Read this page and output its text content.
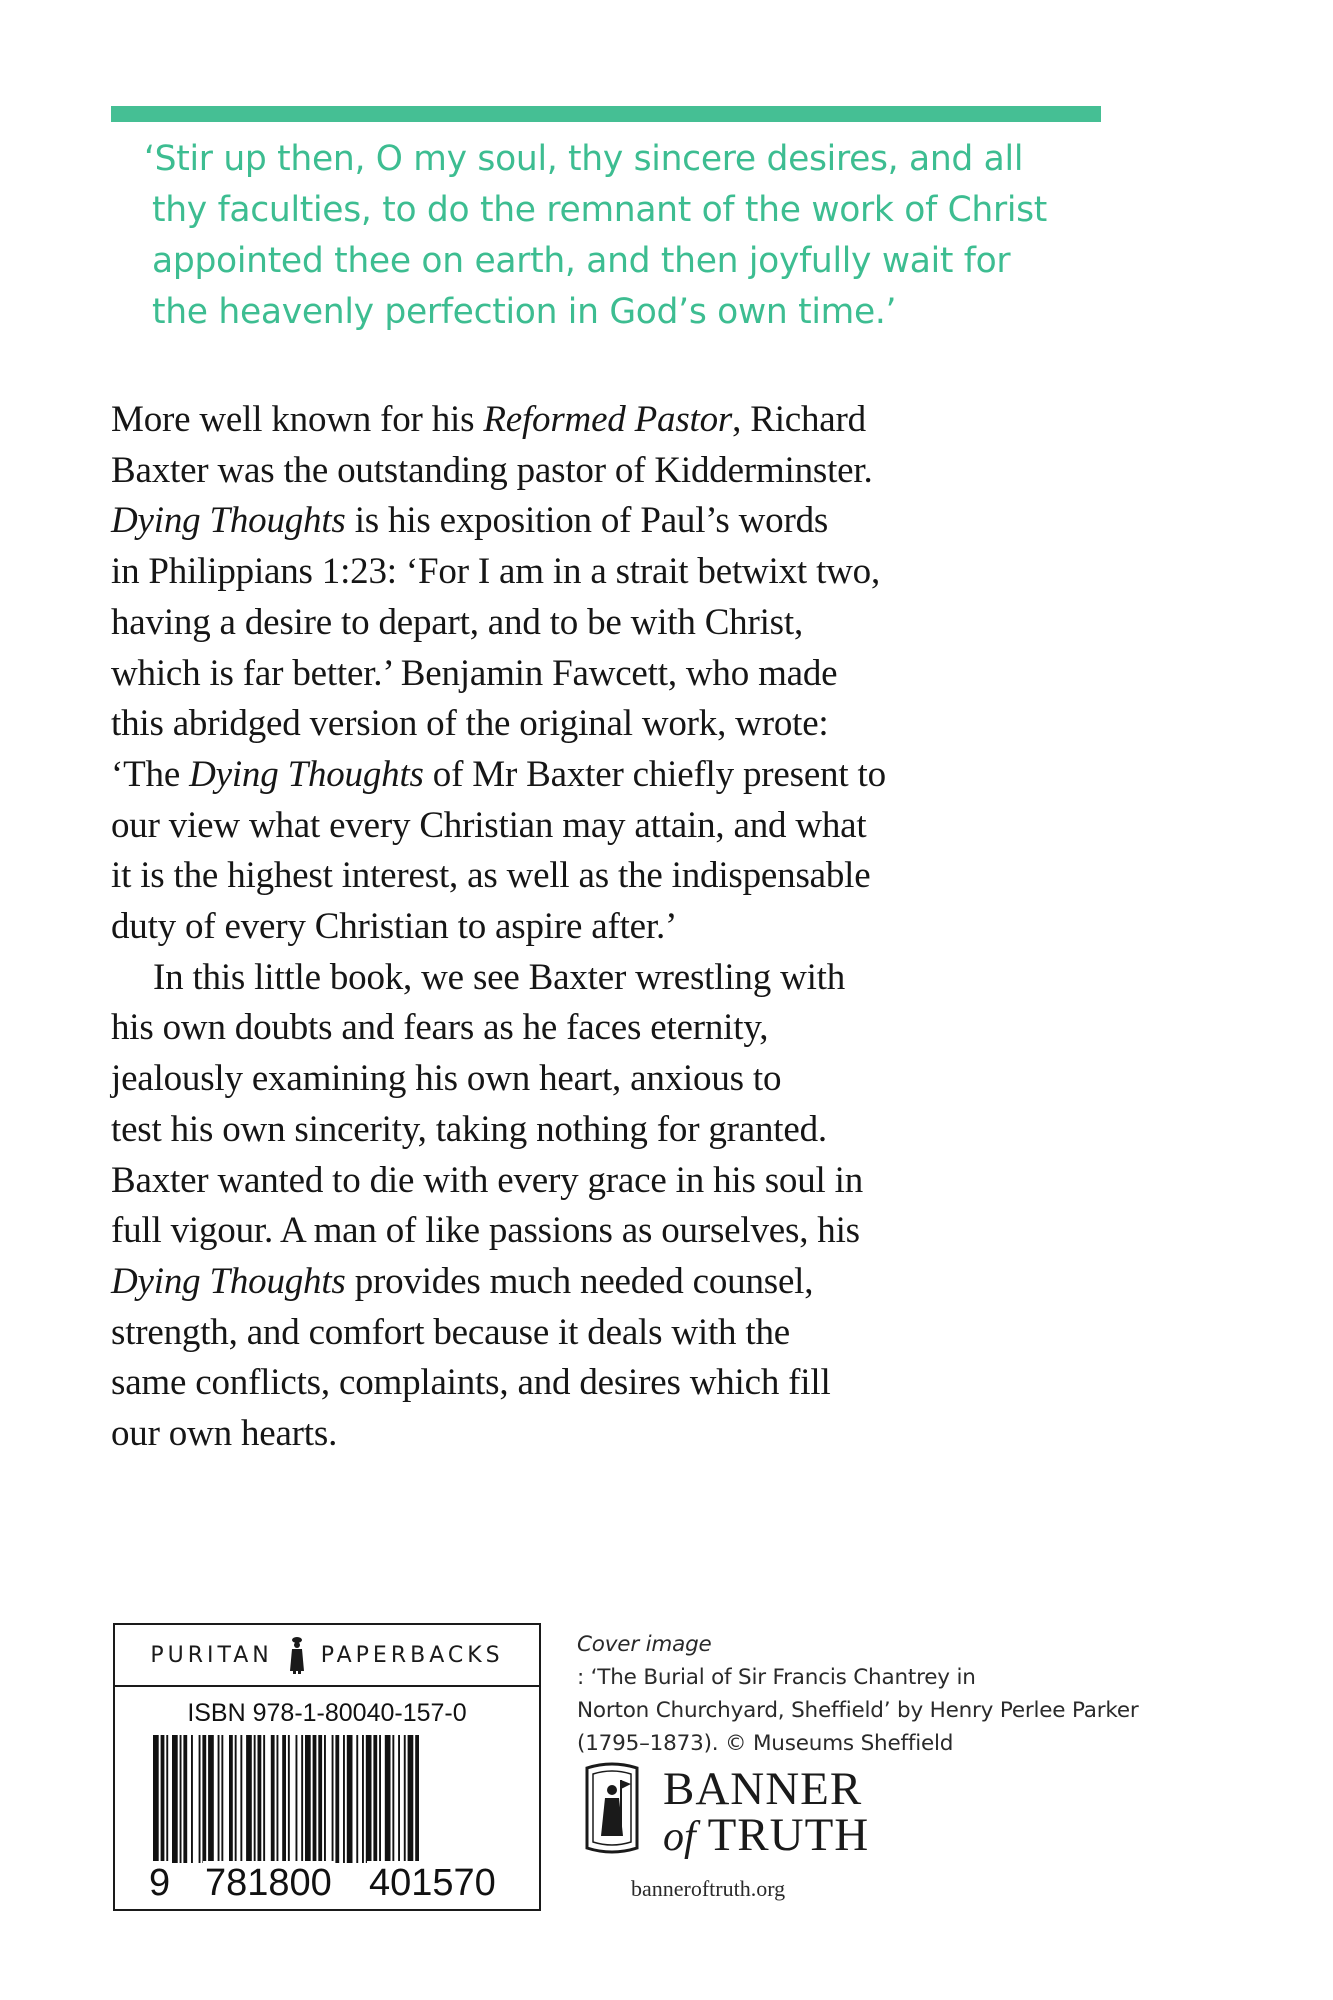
‘Stir up then, O my soul, thy sincere desires, and all
thy faculties, to do the remnant of the work of Christ
appointed thee on earth, and then joyfully wait for
the heavenly perfection in God’s own time.’
More well known for his Reformed Pastor, Richard
Baxter was the outstanding pastor of Kidderminster.
Dying Thoughts is his exposition of Paul’s words
in Philippians 1:23: ‘For I am in a strait betwixt two,
having a desire to depart, and to be with Christ,
which is far better.’ Benjamin Fawcett, who made
this abridged version of the original work, wrote:
‘The Dying Thoughts of Mr Baxter chiefly present to
our view what every Christian may attain, and what
it is the highest interest, as well as the indispensable
duty of every Christian to aspire after.’
In this little book, we see Baxter wrestling with
his own doubts and fears as he faces eternity,
jealously examining his own heart, anxious to
test his own sincerity, taking nothing for granted.
Baxter wanted to die with every grace in his soul in
full vigour. A man of like passions as ourselves, his
Dying Thoughts provides much needed counsel,
strength, and comfort because it deals with the
same conflicts, complaints, and desires which fill
our own hearts.
PURITAN PAPERBACKS
ISBN 978-1-80040-157-0
9 781800 401570
Cover image
: ‘The Burial of Sir Francis Chantrey in
Norton Churchyard, Sheffield’ by Henry Perlee Parker
(1795–1873). © Museums Sheffield
BANNER
of TRUTH
banneroftruth.org
